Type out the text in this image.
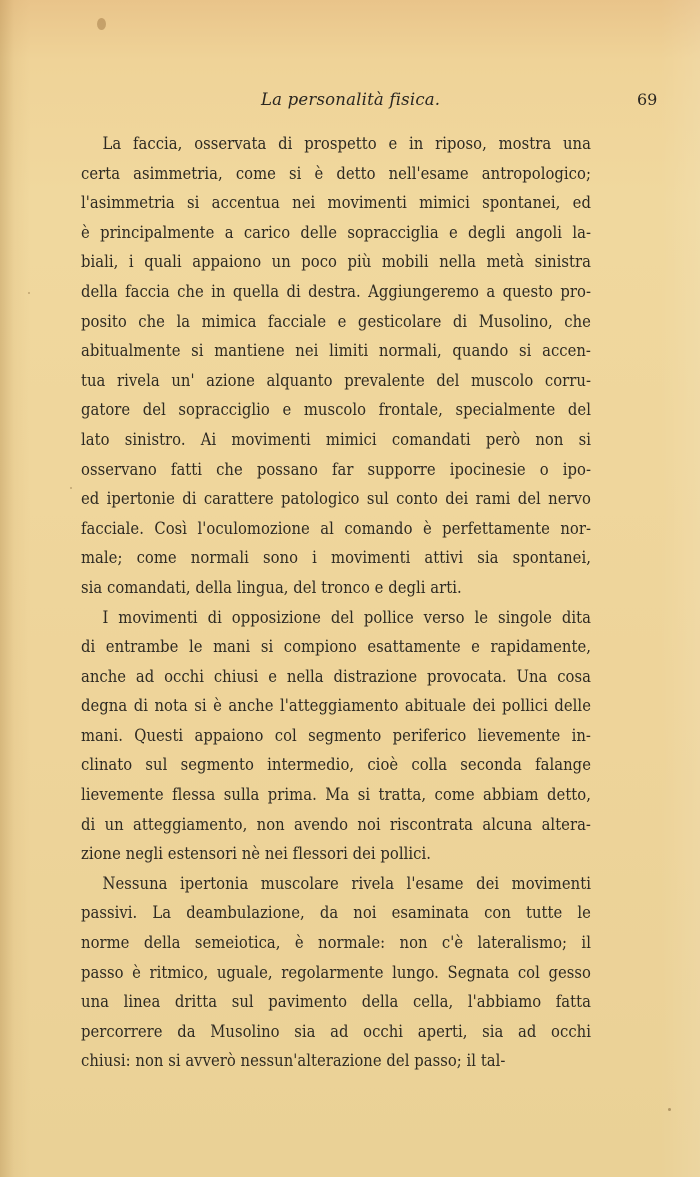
La personalità fisica.	69
La faccia, osservata di prospetto e in riposo, mostra una
certa asimmetria, come si è detto nell'esame antropologico;
l'asimmetria si accentua nei movimenti mimici spontanei, ed
è principalmente a carico delle sopracciglia e degli angoli la-
biali, i quali appaiono un poco più mobili nella metà sinistra
della faccia che in quella di destra. Aggiungeremo a questo pro-
posito che la mimica facciale e gesticolare di Musolino, che
abitualmente si mantiene nei limiti normali, quando si accen-
tua rivela un' azione alquanto prevalente del muscolo corru-
gatore del sopracciglio e muscolo frontale, specialmente del
lato sinistro. Ai movimenti mimici comandati però non si
osservano fatti che possano far supporre ipocinesie o ipo-
ed ipertonie di carattere patologico sul conto dei rami del nervo
facciale. Così l'oculomozione al comando è perfettamente nor-
male; come normali sono i movimenti attivi sia spontanei,
sia comandati, della lingua, del tronco e degli arti.
I movimenti di opposizione del pollice verso le singole dita
di entrambe le mani si compiono esattamente e rapidamente,
anche ad occhi chiusi e nella distrazione provocata. Una cosa
degna di nota si è anche l'atteggiamento abituale dei pollici delle
mani. Questi appaiono col segmento periferico lievemente in-
clinato sul segmento intermedio, cioè colla seconda falange
lievemente flessa sulla prima. Ma si tratta, come abbiam detto,
di un atteggiamento, non avendo noi riscontrata alcuna altera-
zione negli estensori nè nei flessori dei pollici.
Nessuna ipertonia muscolare rivela l'esame dei movimenti
passivi. La deambulazione, da noi esaminata con tutte le
norme della semeiotica, è normale: non c'è lateralismo; il
passo è ritmico, uguale, regolarmente lungo. Segnata col gesso
una linea dritta sul pavimento della cella, l'abbiamo fatta
percorrere da Musolino sia ad occhi aperti, sia ad occhi
chiusi: non si avverò nessun'alterazione del passo; il tal-
